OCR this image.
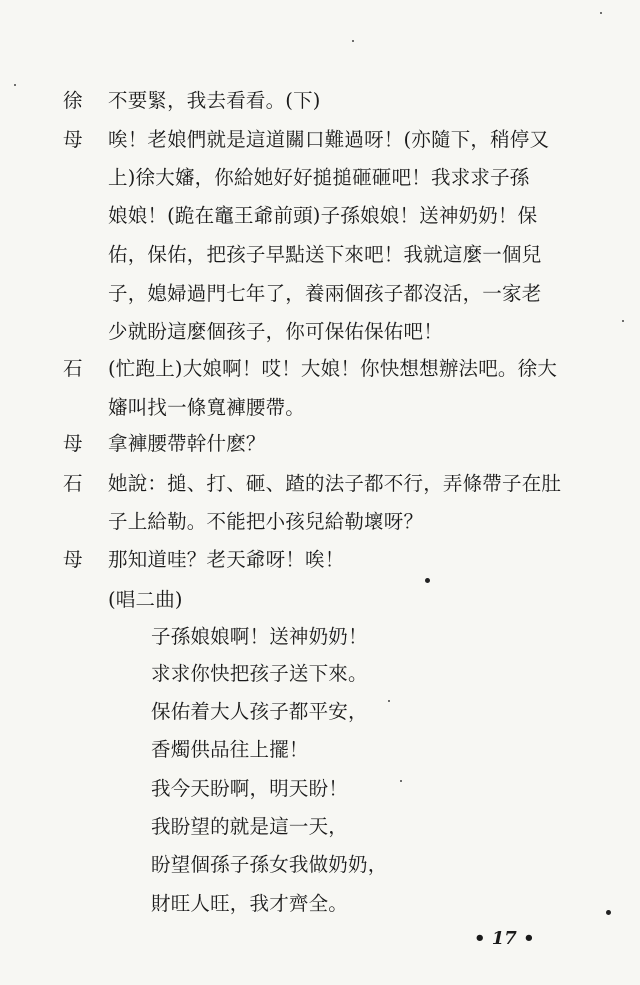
徐 不要緊，我去看看。(下)
母 唉！老娘們就是這道關口難過呀！(亦隨下，稍停又
上)徐大嬸，你給她好好搥搥砸砸吧！我求求子孫
娘娘！(跪在竈王爺前頭)子孫娘娘！送神奶奶！保
佑，保佑，把孩子早點送下來吧！我就這麼一個兒
子，媳婦過門七年了，養兩個孩子都沒活，一家老
少就盼這麼個孩子，你可保佑保佑吧！
石 (忙跑上)大娘啊！哎！大娘！你快想想辦法吧。徐大
嬸叫找一條寬褲腰帶。
母 拿褲腰帶幹什麽？
石 她說：搥、打、砸、蹅的法子都不行，弄條帶子在肚
子上給勒。不能把小孩兒給勒壞呀？
母 那知道哇？老天爺呀！唉！
(唱二曲)
子孫娘娘啊！送神奶奶！
求求你快把孩子送下來。
保佑着大人孩子都平安，
香燭供品往上擺！
我今天盼啊，明天盼！
我盼望的就是這一天，
盼望個孫子孫女我做奶奶，
財旺人旺，我才齊全。
• 17 •
